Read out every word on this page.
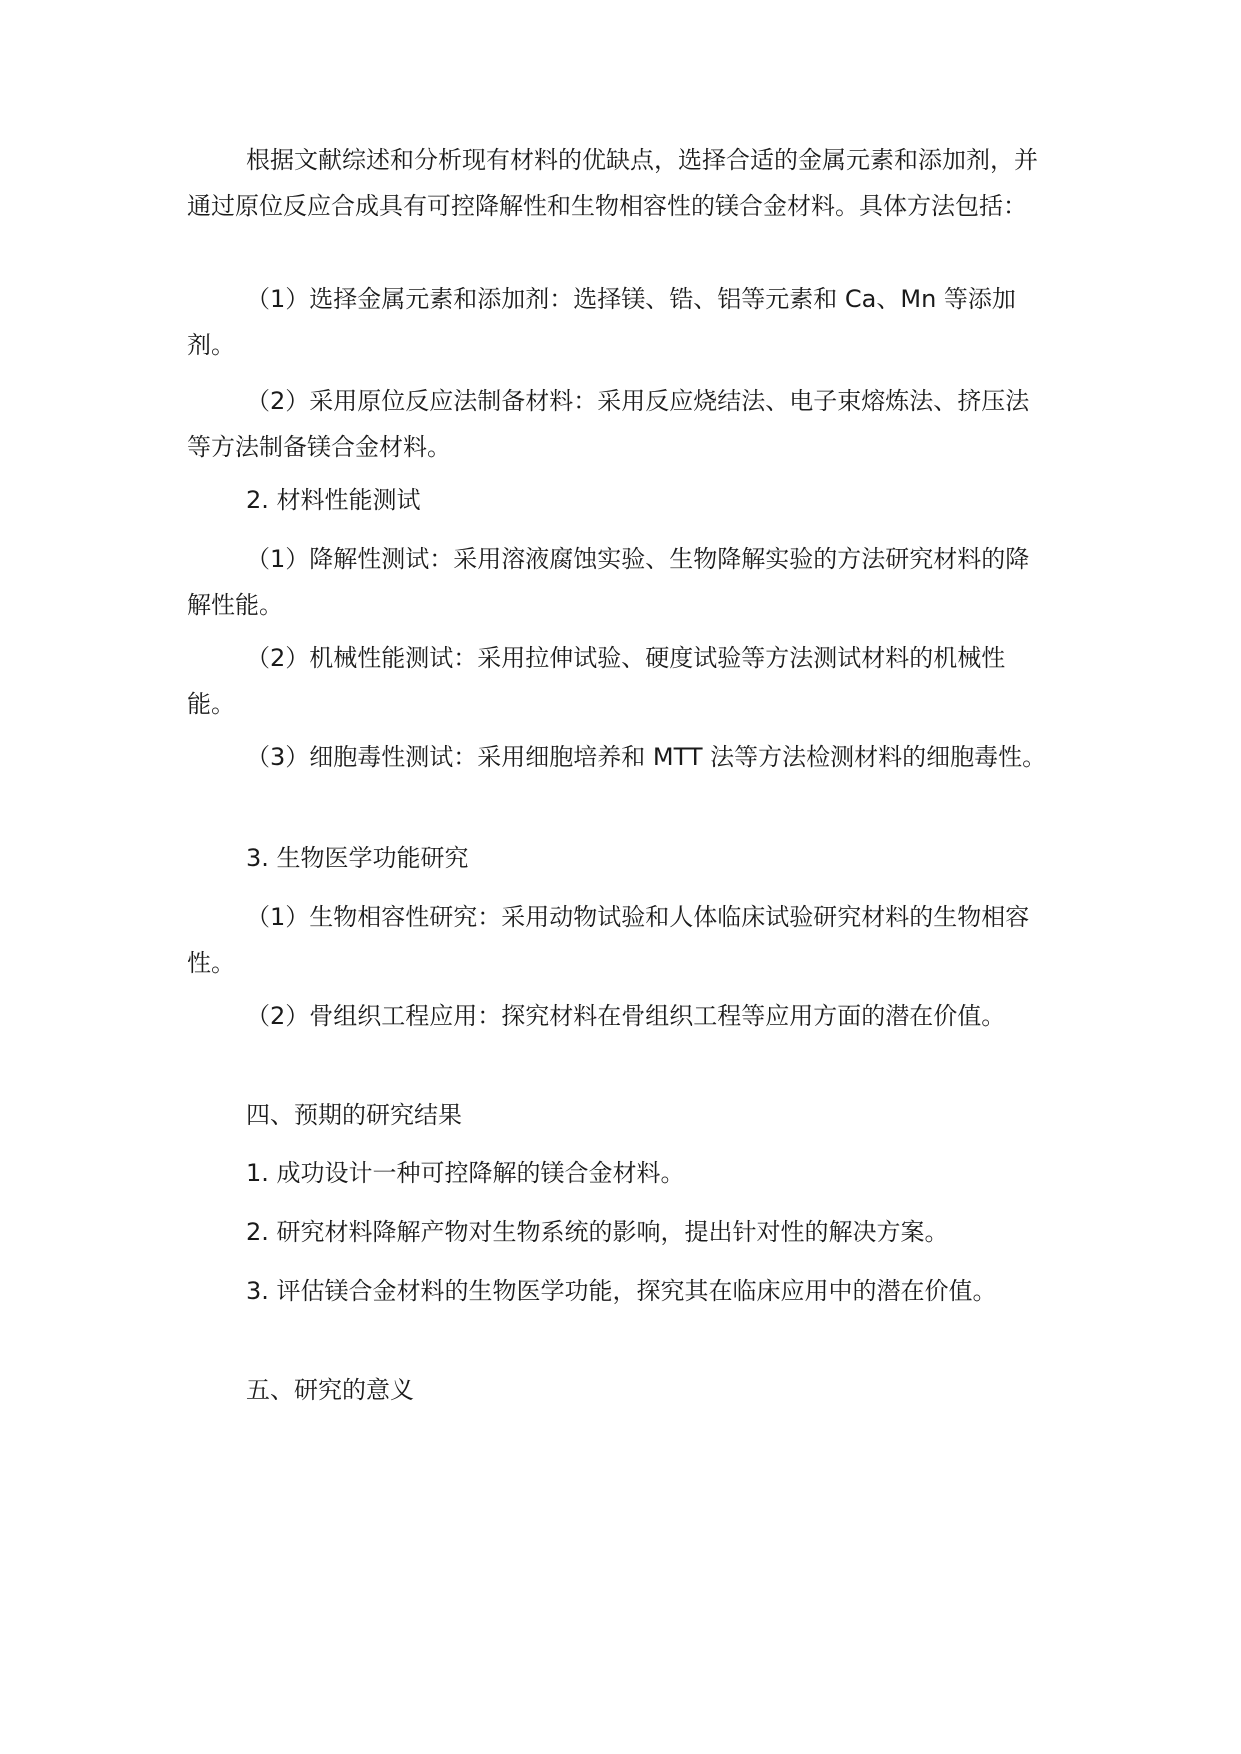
根据文献综述和分析现有材料的优缺点，选择合适的金属元素和添加剂，并通过原位反应合成具有可控降解性和生物相容性的镁合金材料。具体方法包括：

（1）选择金属元素和添加剂：选择镁、锆、铝等元素和 Ca、Mn 等添加剂。

（2）采用原位反应法制备材料：采用反应烧结法、电子束熔炼法、挤压法等方法制备镁合金材料。

2. 材料性能测试

（1）降解性测试：采用溶液腐蚀实验、生物降解实验的方法研究材料的降解性能。

（2）机械性能测试：采用拉伸试验、硬度试验等方法测试材料的机械性能。

（3）细胞毒性测试：采用细胞培养和 MTT 法等方法检测材料的细胞毒性。

3. 生物医学功能研究

（1）生物相容性研究：采用动物试验和人体临床试验研究材料的生物相容性。

（2）骨组织工程应用：探究材料在骨组织工程等应用方面的潜在价值。

四、预期的研究结果

1. 成功设计一种可控降解的镁合金材料。

2. 研究材料降解产物对生物系统的影响，提出针对性的解决方案。

3. 评估镁合金材料的生物医学功能，探究其在临床应用中的潜在价值。

五、研究的意义
